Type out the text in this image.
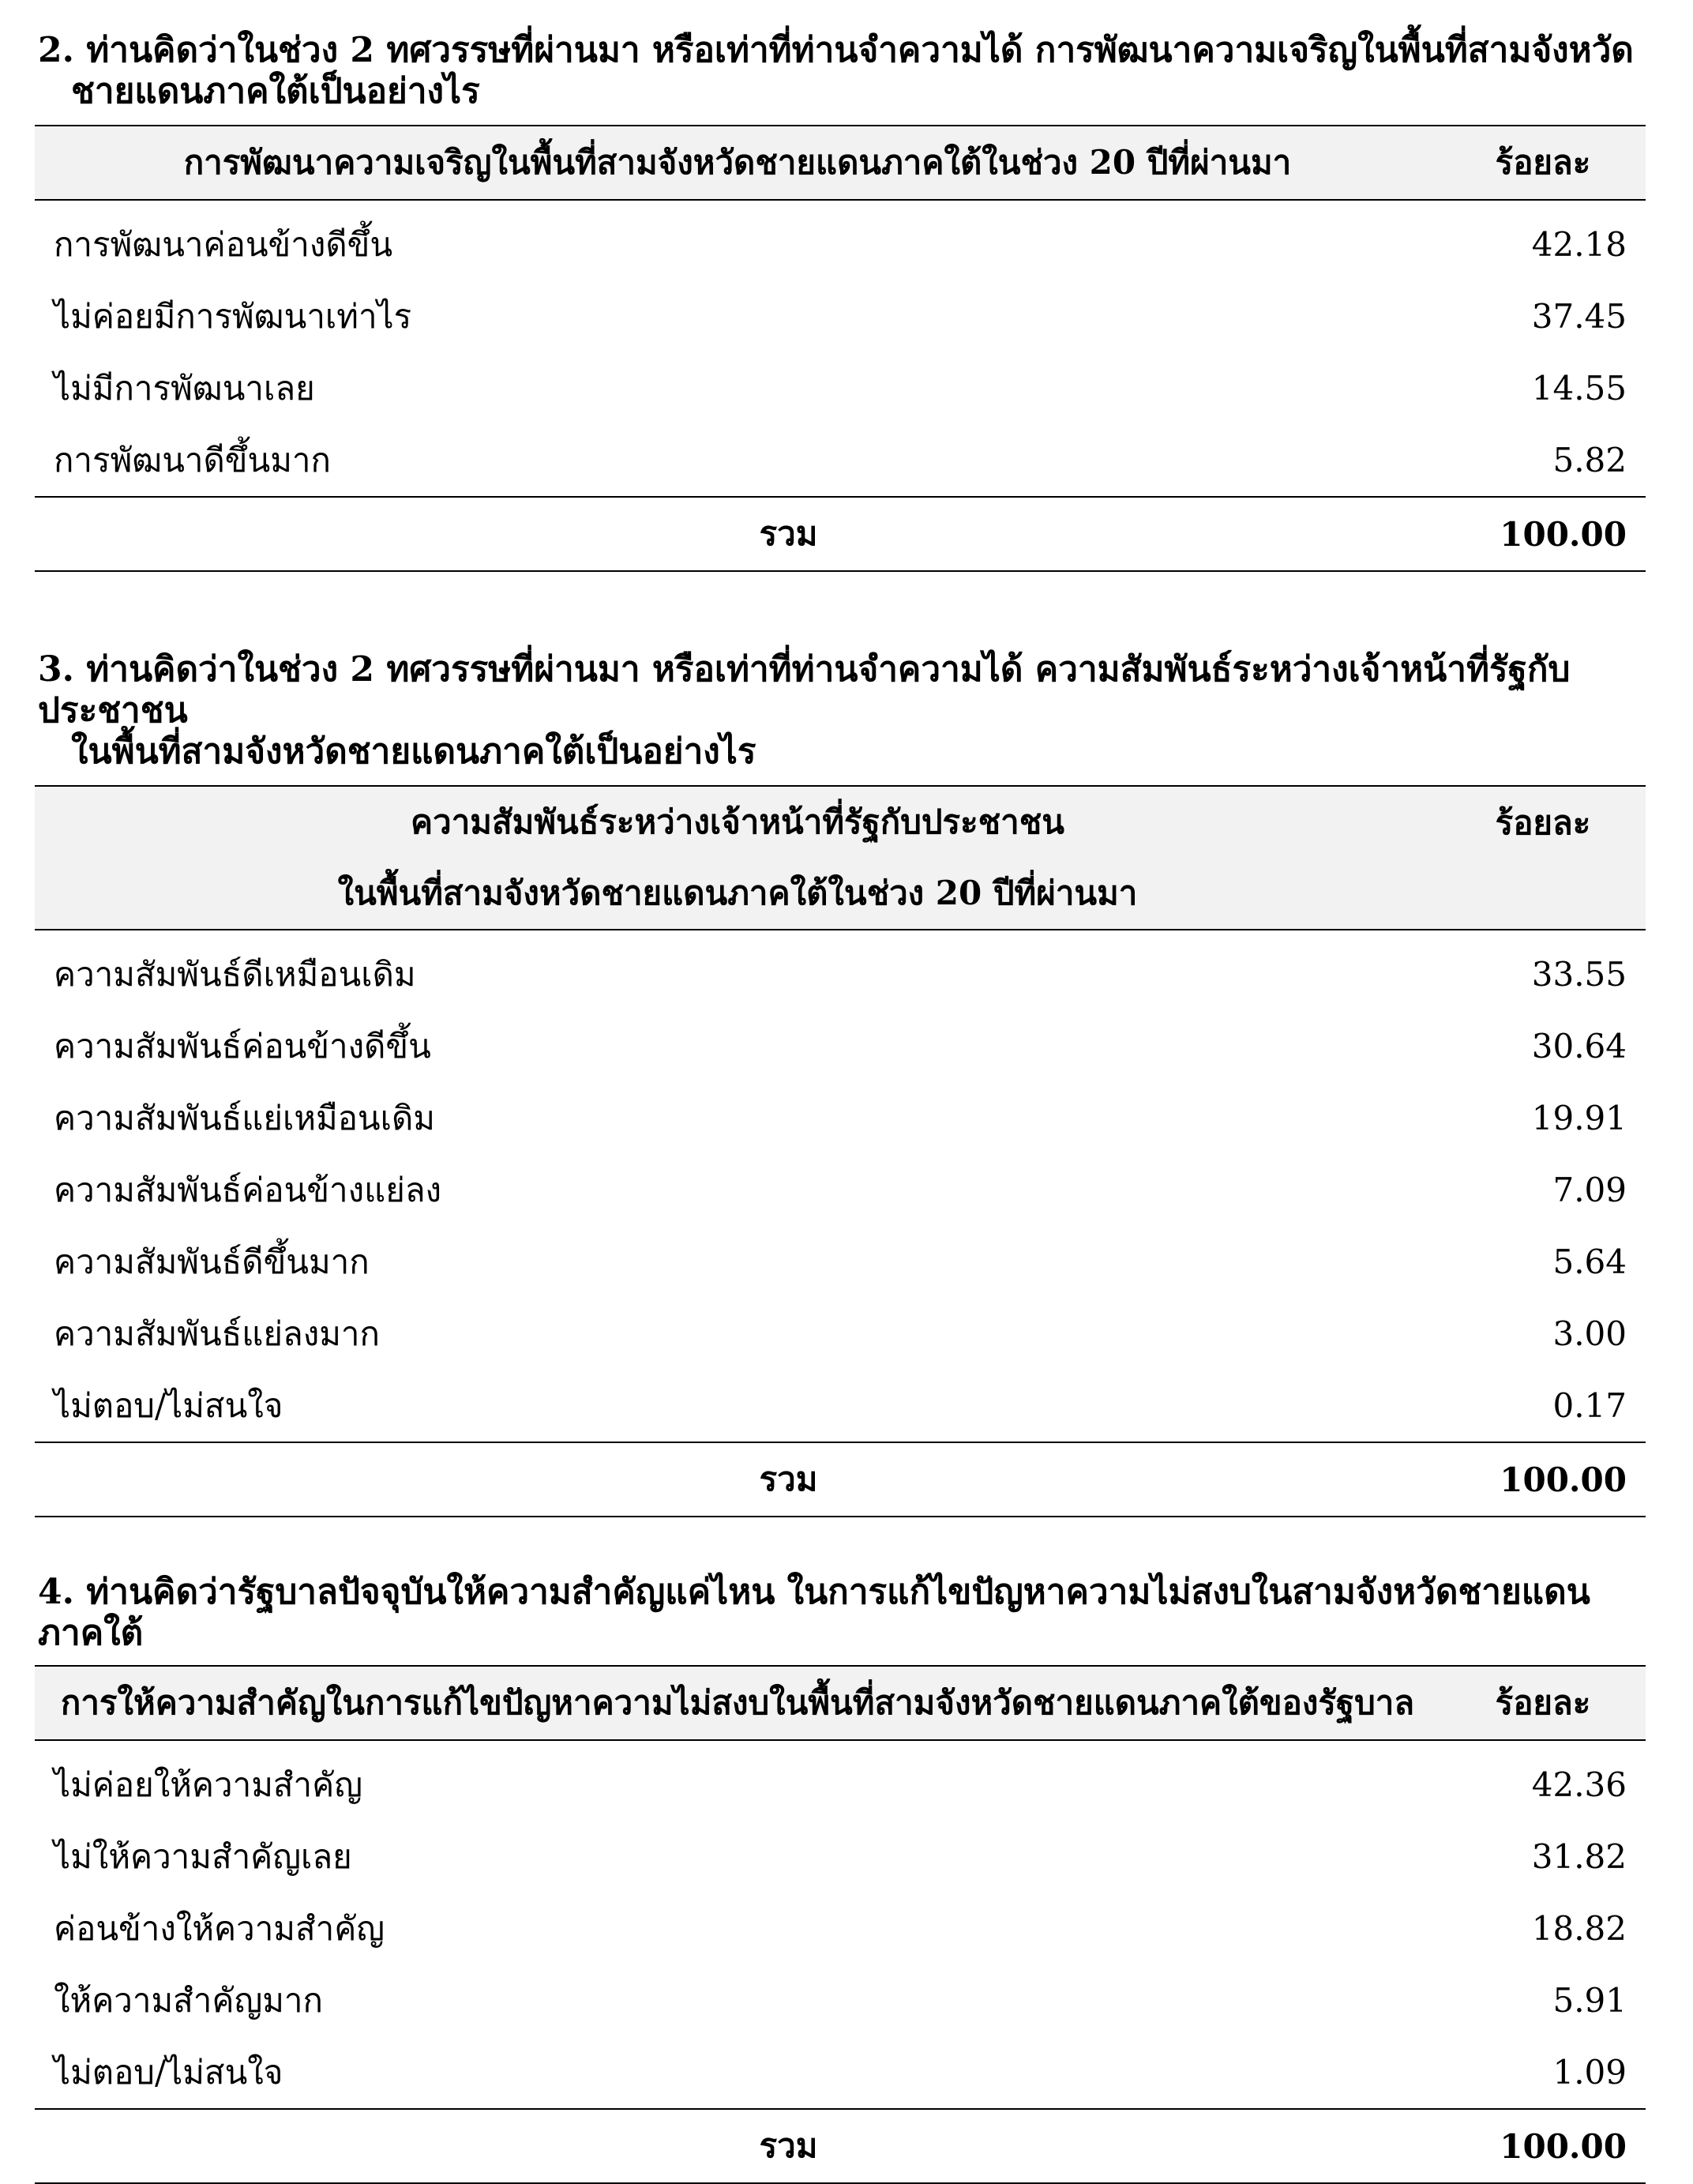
2. ท่านคิดว่าในช่วง 2 ทศวรรษที่ผ่านมา หรือเท่าที่ท่านจำความได้ การพัฒนาความเจริญในพื้นที่สามจังหวัด
ชายแดนภาคใต้เป็นอย่างไร
การพัฒนาความเจริญในพื้นที่สามจังหวัดชายแดนภาคใต้ในช่วง 20 ปีที่ผ่านมา	ร้อยละ
การพัฒนาค่อนข้างดีขึ้น	42.18
ไม่ค่อยมีการพัฒนาเท่าไร	37.45
ไม่มีการพัฒนาเลย	14.55
การพัฒนาดีขึ้นมาก	5.82
รวม	100.00
3. ท่านคิดว่าในช่วง 2 ทศวรรษที่ผ่านมา หรือเท่าที่ท่านจำความได้ ความสัมพันธ์ระหว่างเจ้าหน้าที่รัฐกับประชาชน
ในพื้นที่สามจังหวัดชายแดนภาคใต้เป็นอย่างไร
ความสัมพันธ์ระหว่างเจ้าหน้าที่รัฐกับประชาชน
ในพื้นที่สามจังหวัดชายแดนภาคใต้ในช่วง 20 ปีที่ผ่านมา	ร้อยละ
ความสัมพันธ์ดีเหมือนเดิม	33.55
ความสัมพันธ์ค่อนข้างดีขึ้น	30.64
ความสัมพันธ์แย่เหมือนเดิม	19.91
ความสัมพันธ์ค่อนข้างแย่ลง	7.09
ความสัมพันธ์ดีขึ้นมาก	5.64
ความสัมพันธ์แย่ลงมาก	3.00
ไม่ตอบ/ไม่สนใจ	0.17
รวม	100.00
4. ท่านคิดว่ารัฐบาลปัจจุบันให้ความสำคัญแค่ไหน ในการแก้ไขปัญหาความไม่สงบในสามจังหวัดชายแดนภาคใต้
การให้ความสำคัญในการแก้ไขปัญหาความไม่สงบในพื้นที่สามจังหวัดชายแดนภาคใต้ของรัฐบาล	ร้อยละ
ไม่ค่อยให้ความสำคัญ	42.36
ไม่ให้ความสำคัญเลย	31.82
ค่อนข้างให้ความสำคัญ	18.82
ให้ความสำคัญมาก	5.91
ไม่ตอบ/ไม่สนใจ	1.09
รวม	100.00
